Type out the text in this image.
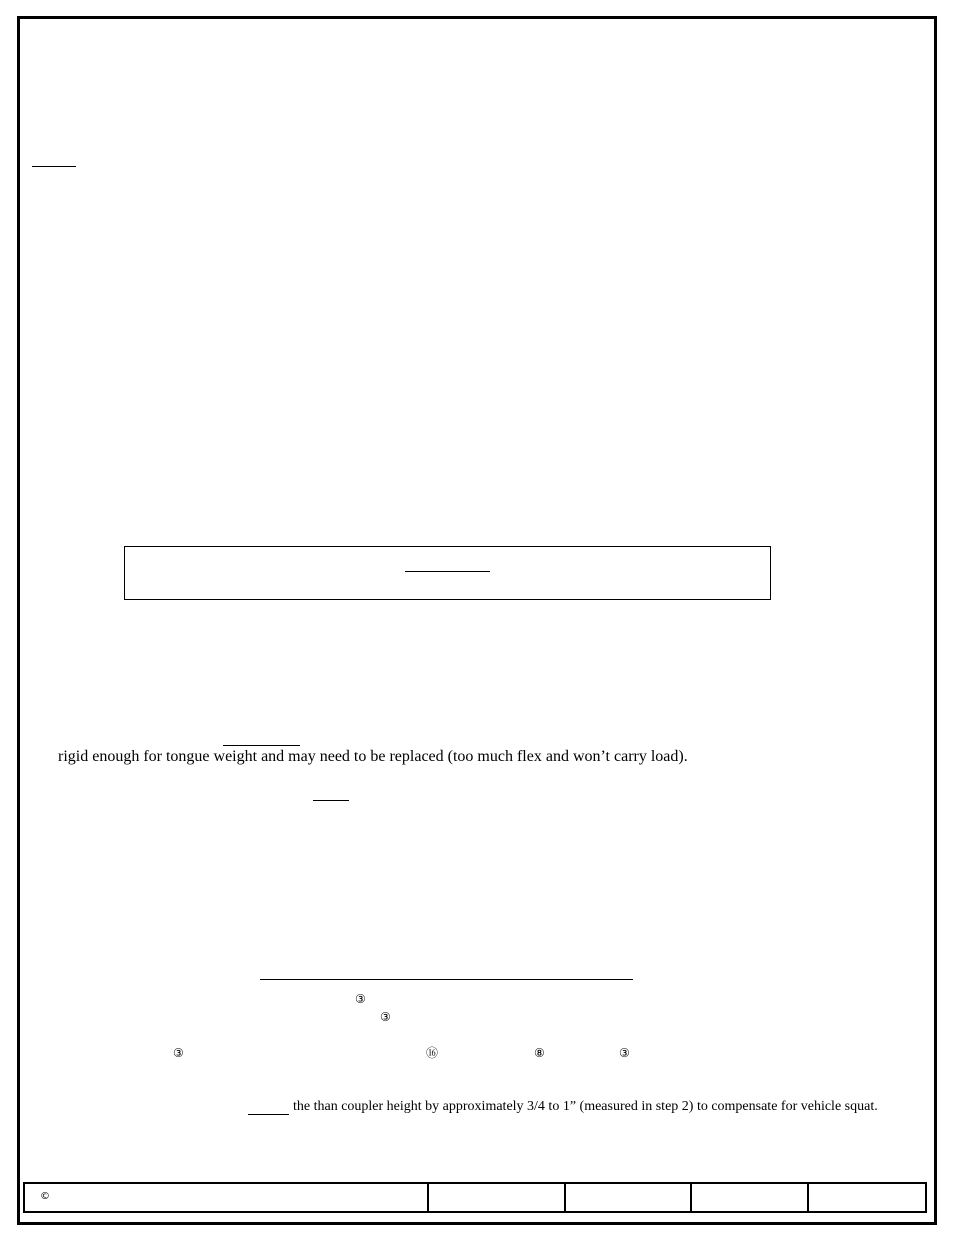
rigid enough for tongue weight and may need to be replaced (too much flex and won’t carry load).
the than coupler height by approximately 3/4 to 1” (measured in step 2) to compensate for vehicle squat.
③
③
③	⑯	⑧	③
©
